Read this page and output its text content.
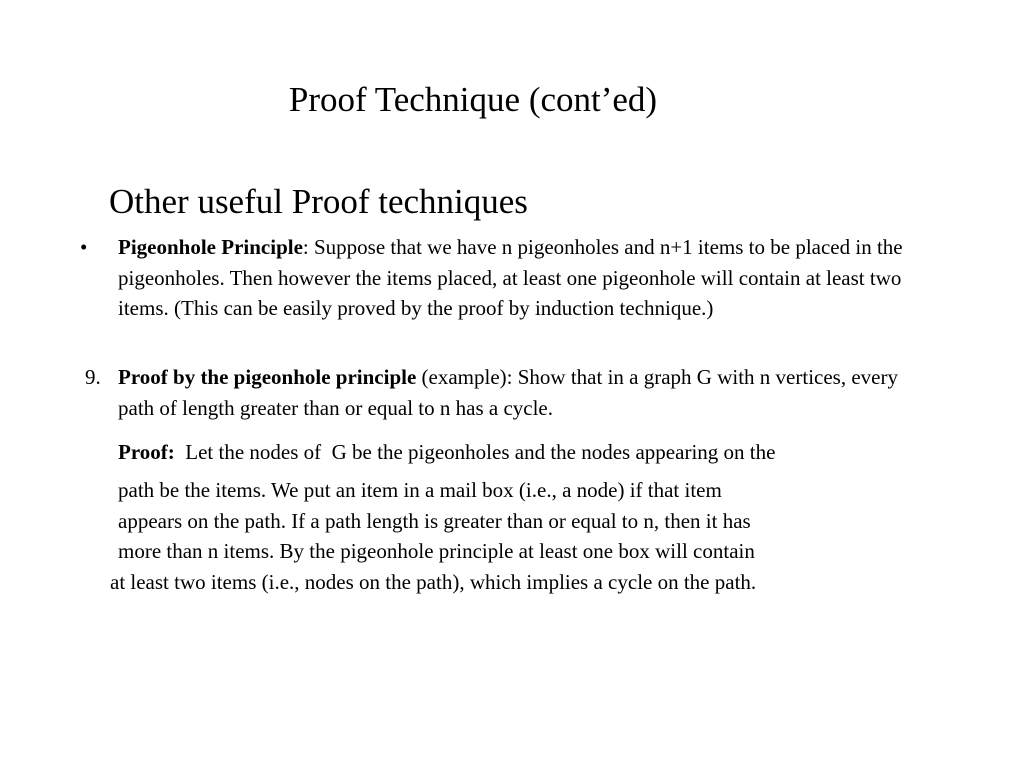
Proof Technique (cont’ed)
Other useful Proof techniques
• Pigeonhole Principle: Suppose that we have n pigeonholes and n+1 items to be placed in the pigeonholes. Then however the items placed, at least one pigeonhole will contain at least two items. (This can be easily proved by the proof by induction technique.)

9. Proof by the pigeonhole principle (example): Show that in a graph G with n vertices, every path of length greater than or equal to n has a cycle.

Proof:  Let the nodes of  G be the pigeonholes and the nodes appearing on the
path be the items. We put an item in a mail box (i.e., a node) if that item
appears on the path. If a path length is greater than or equal to n, then it has
more than n items. By the pigeonhole principle at least one box will contain
at least two items (i.e., nodes on the path), which implies a cycle on the path.
